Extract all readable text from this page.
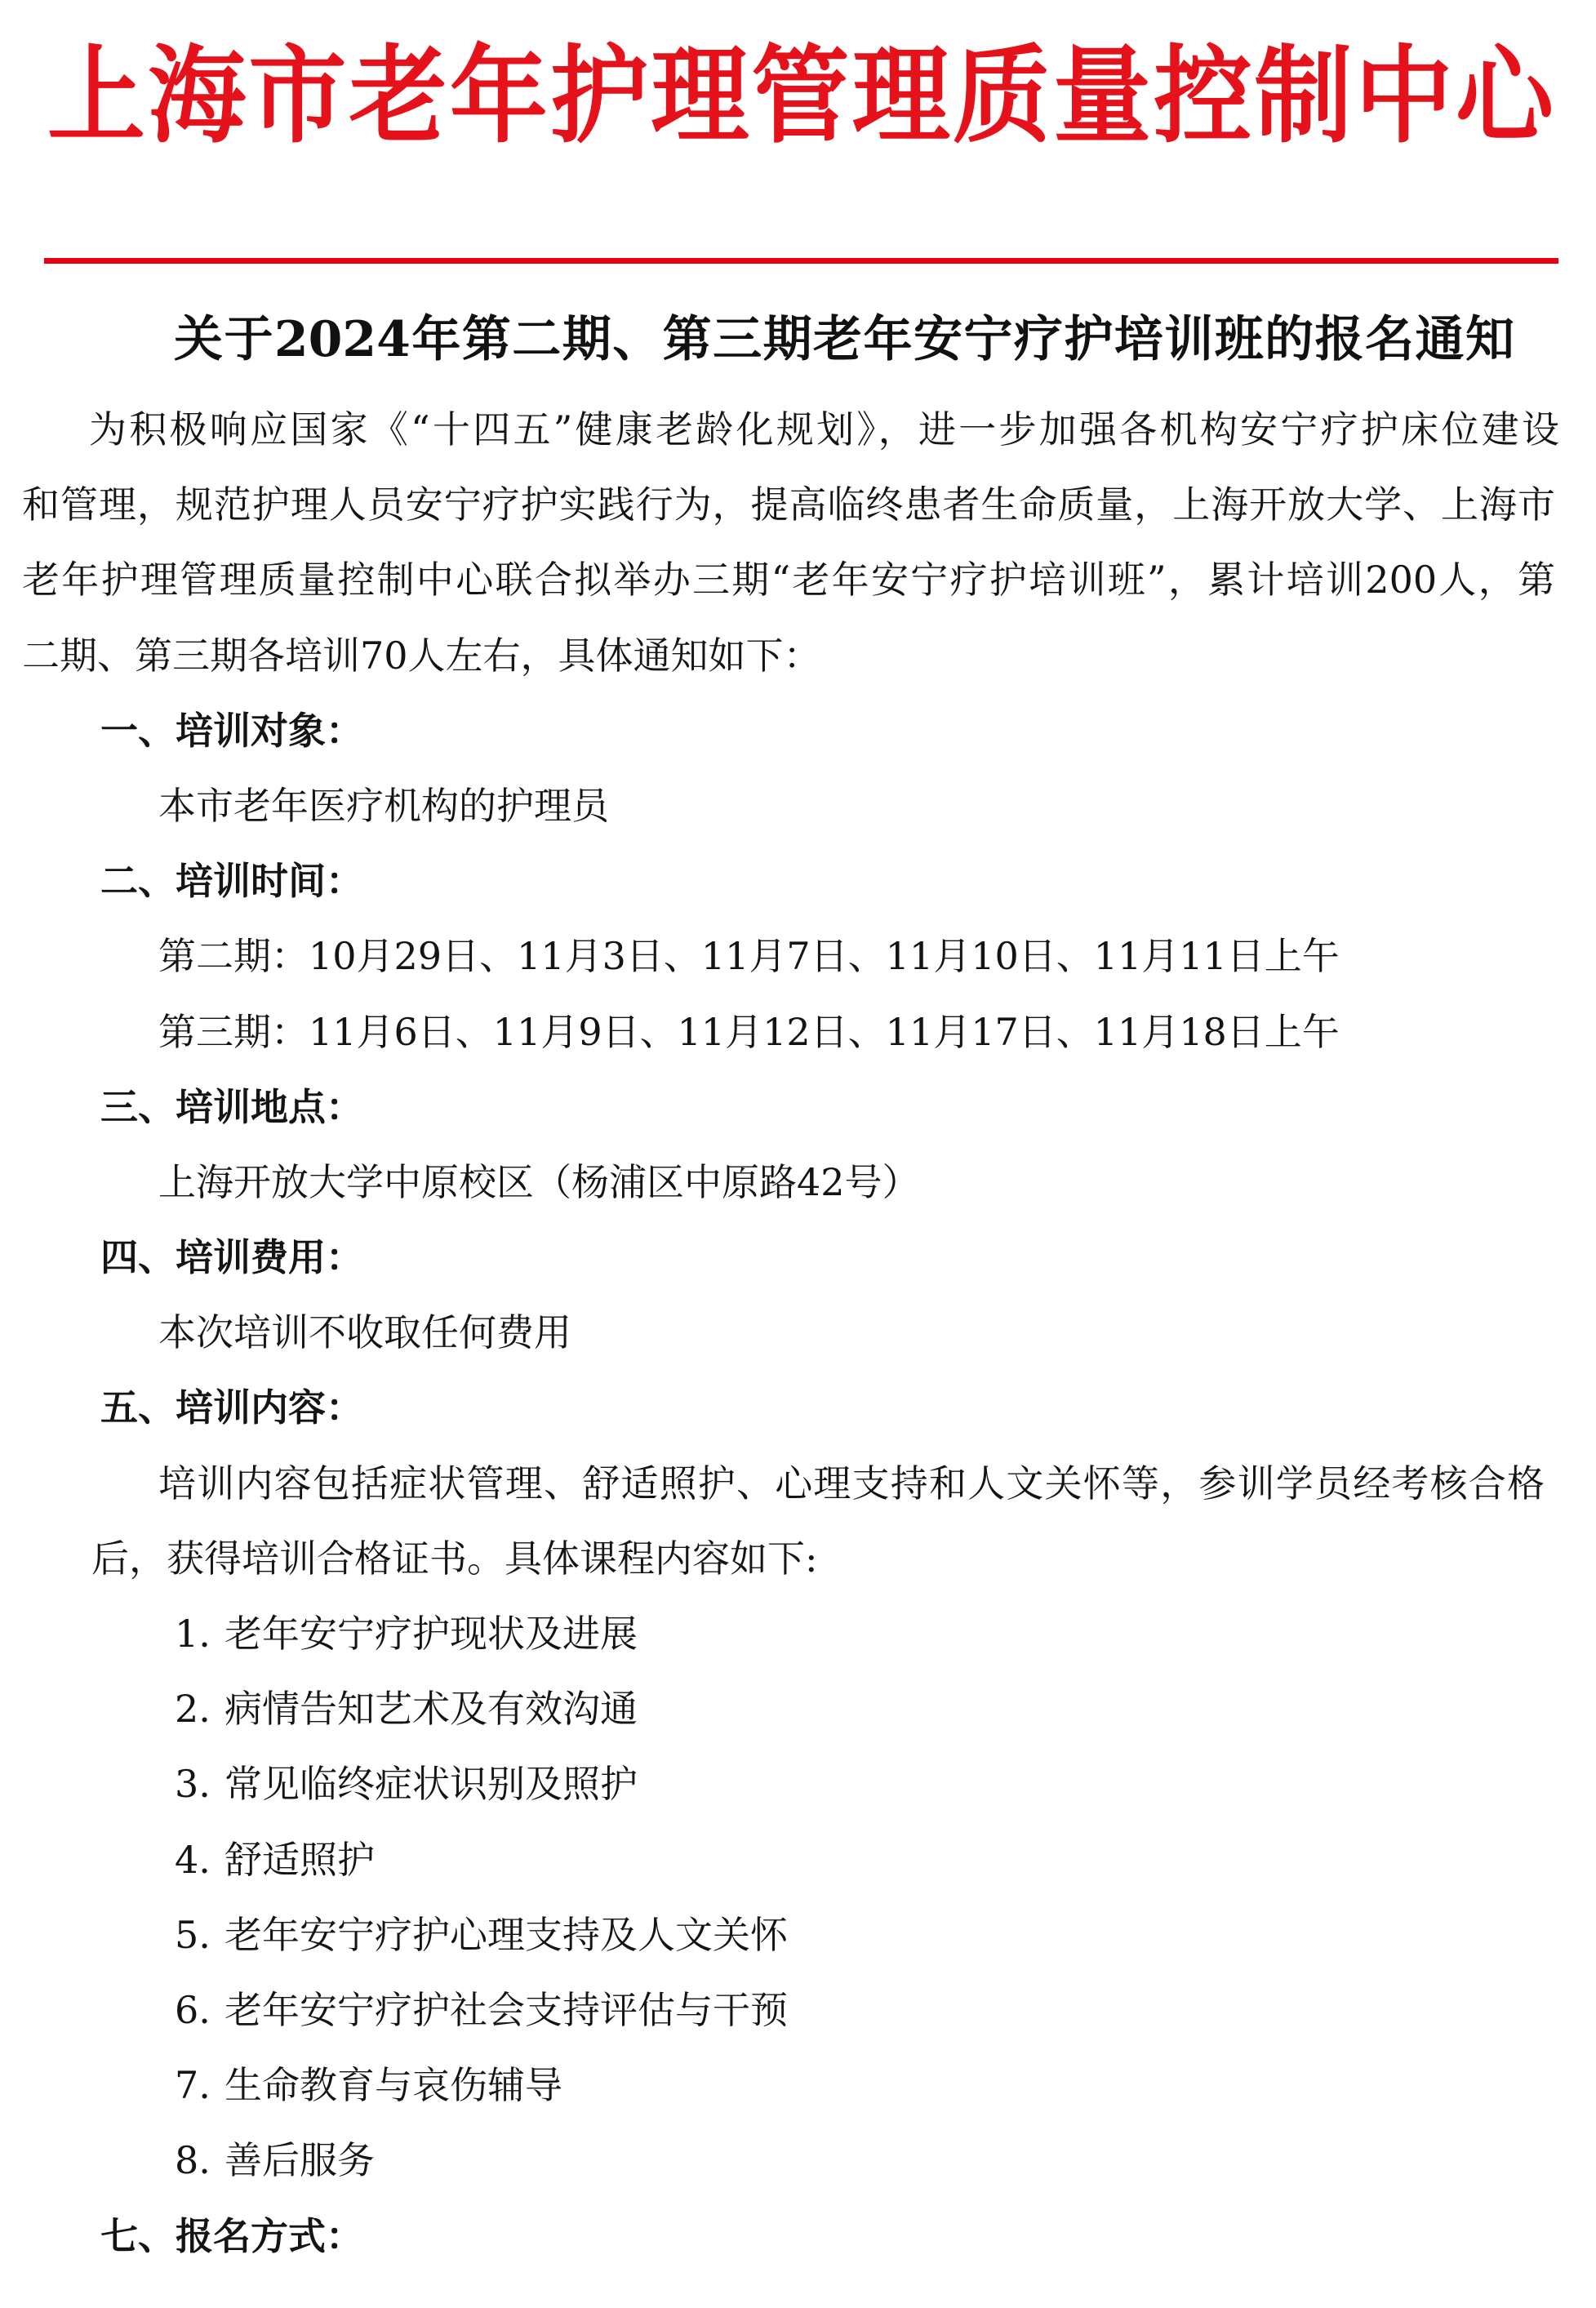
上海市老年护理管理质量控制中心
关于2024年第二期、第三期老年安宁疗护培训班的报名通知
为积极响应国家《“十四五”健康老龄化规划》，进一步加强各机构安宁疗护床位建设
和管理，规范护理人员安宁疗护实践行为，提高临终患者生命质量，上海开放大学、上海市
老年护理管理质量控制中心联合拟举办三期“老年安宁疗护培训班”，累计培训200人，第
二期、第三期各培训70人左右，具体通知如下：
一、培训对象：
本市老年医疗机构的护理员
二、培训时间：
第二期：10月29日、11月3日、11月7日、11月10日、11月11日上午
第三期：11月6日、11月9日、11月12日、11月17日、11月18日上午
三、培训地点：
上海开放大学中原校区（杨浦区中原路42号）
四、培训费用：
本次培训不收取任何费用
五、培训内容：
培训内容包括症状管理、舒适照护、心理支持和人文关怀等，参训学员经考核合格
后，获得培训合格证书。具体课程内容如下:
1. 老年安宁疗护现状及进展
2. 病情告知艺术及有效沟通
3. 常见临终症状识别及照护
4. 舒适照护
5. 老年安宁疗护心理支持及人文关怀
6. 老年安宁疗护社会支持评估与干预
7. 生命教育与哀伤辅导
8. 善后服务
七、报名方式：
